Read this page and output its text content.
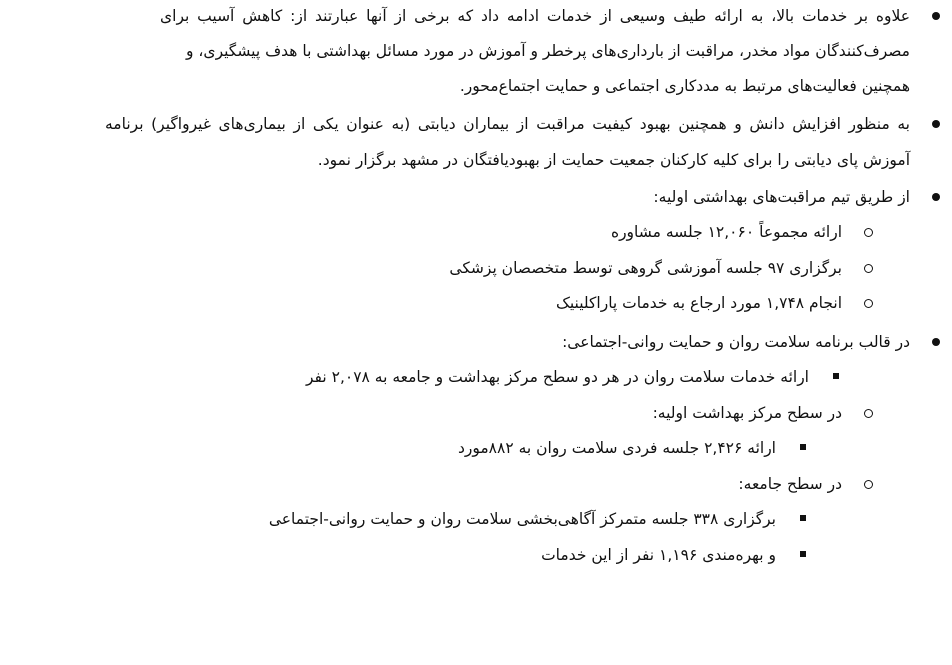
علاوه بر خدمات بالا، به ارائه طیف وسیعی از خدمات ادامه داد که برخی از آنها عبارتند از: کاهش آسیب برای
مصرف‌کنندگان مواد مخدر، مراقبت از بارداری‌های پرخطر و آموزش در مورد مسائل بهداشتی با هدف پیشگیری، و
همچنین فعالیت‌های مرتبط به مددکاری اجتماعی و حمایت اجتماع‌محور.
به منظور افزایش دانش و همچنین بهبود کیفیت مراقبت از بیماران دیابتی (به عنوان یکی از بیماری‌های غیرواگیر) برنامه
آموزش پای دیابتی را برای کلیه کارکنان جمعیت حمایت از بهبودیافتگان در مشهد برگزار نمود.
از طریق تیم مراقبت‌های بهداشتی اولیه:
ارائه مجموعاً ۱۲,۰۶۰ جلسه مشاوره
برگزاری ۹۷ جلسه آموزشی گروهی توسط متخصصان پزشکی
انجام ۱,۷۴۸ مورد ارجاع به خدمات پاراکلینیک
در قالب برنامه سلامت روان و حمایت روانی-اجتماعی:
ارائه خدمات سلامت روان در هر دو سطح مرکز بهداشت و جامعه به ۲,۰۷۸ نفر
در سطح مرکز بهداشت اولیه:
ارائه ۲,۴۲۶ جلسه فردی سلامت روان به ۸۸۲مورد
در سطح جامعه:
برگزاری ۳۳۸ جلسه متمرکز آگاهی‌بخشی سلامت روان و حمایت روانی-اجتماعی
و بهره‌مندی ۱,۱۹۶ نفر از این خدمات
